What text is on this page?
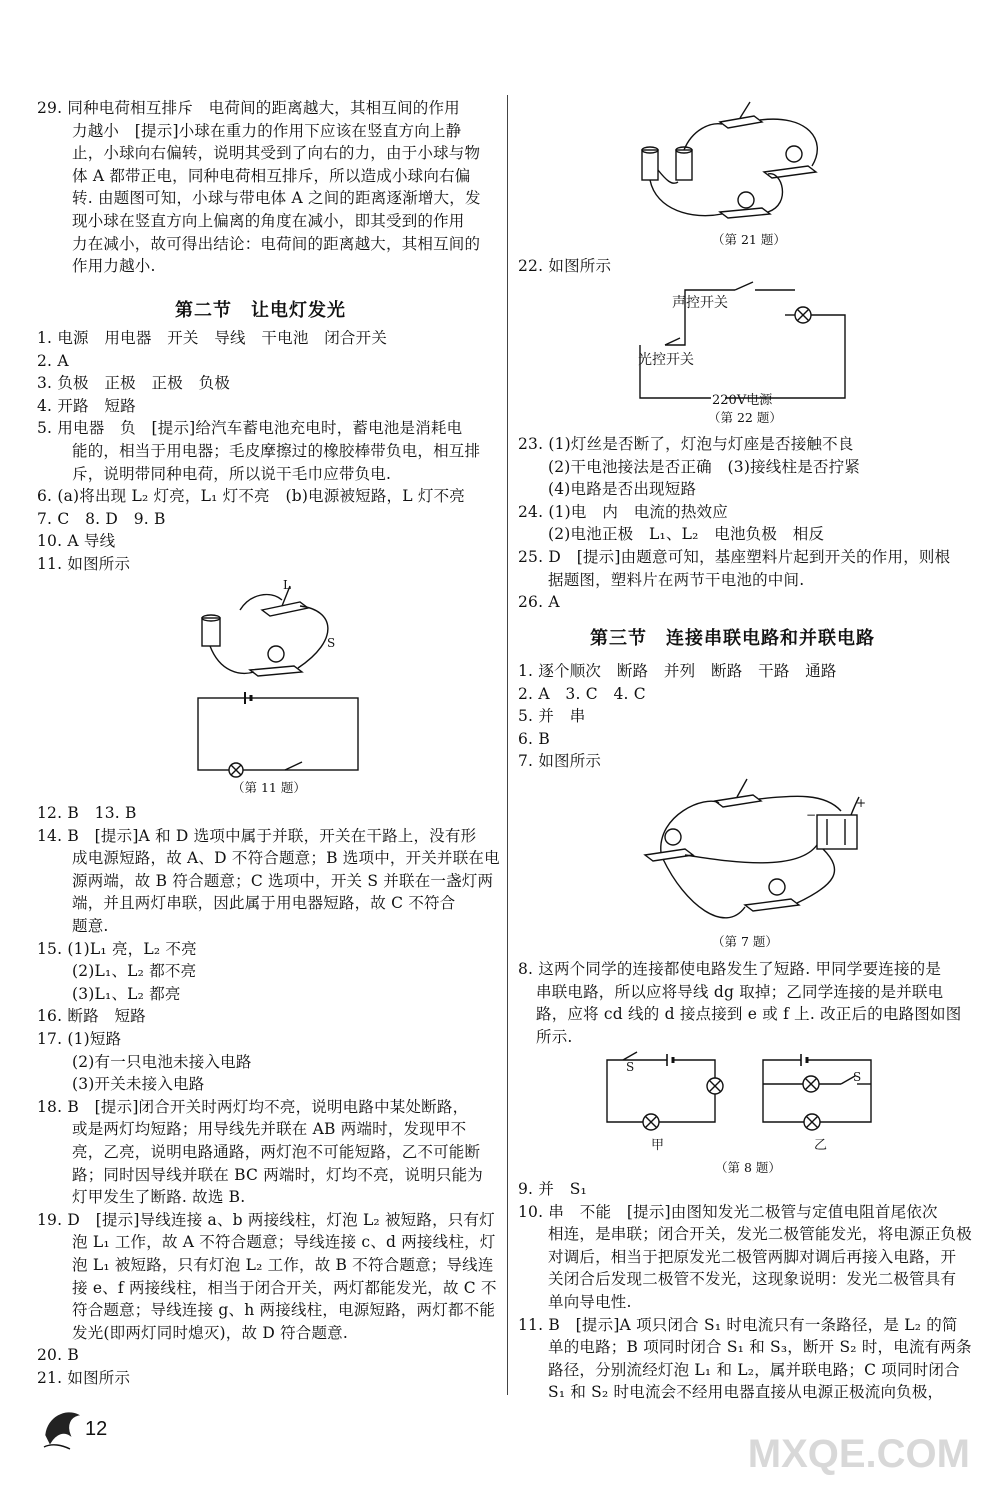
29. 同种电荷相互排斥　电荷间的距离越大，其相互间的作用
力越小　[提示]小球在重力的作用下应该在竖直方向上静
止，小球向右偏转，说明其受到了向右的力，由于小球与物
体 A 都带正电，同种电荷相互排斥，所以造成小球向右偏
转. 由题图可知，小球与带电体 A 之间的距离逐渐增大，发
现小球在竖直方向上偏离的角度在减小，即其受到的作用
力在减小，故可得出结论：电荷间的距离越大，其相互间的
作用力越小.
第二节　让电灯发光
1. 电源　用电器　开关　导线　干电池　闭合开关
2. A
3. 负极　正极　正极　负极
4. 开路　短路
5. 用电器　负　[提示]给汽车蓄电池充电时，蓄电池是消耗电
能的，相当于用电器；毛皮摩擦过的橡胶棒带负电，相互排
斥，说明带同种电荷，所以说干毛巾应带负电.
6. (a)将出现 L₂ 灯亮，L₁ 灯不亮　(b)电源被短路，L 灯不亮
7. C　8. D　9. B
10. A 导线
11. 如图所示
L
S
（第 11 题）
12. B　13. B
14. B　[提示]A 和 D 选项中属于并联，开关在干路上，没有形
成电源短路，故 A、D 不符合题意；B 选项中，开关并联在电
源两端，故 B 符合题意；C 选项中，开关 S 并联在一盏灯两
端，并且两灯串联，因此属于用电器短路，故 C 不符合
题意.
15. (1)L₁ 亮，L₂ 不亮
(2)L₁、L₂ 都不亮
(3)L₁、L₂ 都亮
16. 断路　短路
17. (1)短路
(2)有一只电池未接入电路
(3)开关未接入电路
18. B　[提示]闭合开关时两灯均不亮，说明电路中某处断路，
或是两灯均短路；用导线先并联在 AB 两端时，发现甲不
亮，乙亮，说明电路通路，两灯泡不可能短路，乙不可能断
路；同时因导线并联在 BC 两端时，灯均不亮，说明只能为
灯甲发生了断路. 故选 B.
19. D　[提示]导线连接 a、b 两接线柱，灯泡 L₂ 被短路，只有灯
泡 L₁ 工作，故 A 不符合题意；导线连接 c、d 两接线柱，灯
泡 L₁ 被短路，只有灯泡 L₂ 工作，故 B 不符合题意；导线连
接 e、f 两接线柱，相当于闭合开关，两灯都能发光，故 C 不
符合题意；导线连接 g、h 两接线柱，电源短路，两灯都不能
发光(即两灯同时熄灭)，故 D 符合题意.
20. B
21. 如图所示
12
（第 21 题）
22. 如图所示
声控开关
光控开关
220V电源
（第 22 题）
23. (1)灯丝是否断了，灯泡与灯座是否接触不良
(2)干电池接法是否正确　(3)接线柱是否拧紧
(4)电路是否出现短路
24. (1)电　内　电流的热效应
(2)电池正极　L₁、L₂　电池负极　相反
25. D　[提示]由题意可知，基座塑料片起到开关的作用，则根
据题图，塑料片在两节干电池的中间.
26. A
第三节　连接串联电路和并联电路
1. 逐个顺次　断路　并列　断路　干路　通路
2. A　3. C　4. C
5. 并　串
6. B
7. 如图所示
−
+
（第 7 题）
8. 这两个同学的连接都使电路发生了短路. 甲同学要连接的是
串联电路，所以应将导线 dg 取掉；乙同学连接的是并联电
路，应将 cd 线的 d 接点接到 e 或 f 上. 改正后的电路图如图
所示.
S
S
甲	乙
（第 8 题）
9. 并　S₁
10. 串　不能　[提示]由图知发光二极管与定值电阻首尾依次
相连，是串联；闭合开关，发光二极管能发光，将电源正负极
对调后，相当于把原发光二极管两脚对调后再接入电路，开
关闭合后发现二极管不发光，这现象说明：发光二极管具有
单向导电性.
11. B　[提示]A 项只闭合 S₁ 时电流只有一条路径，是 L₂ 的简
单的电路；B 项同时闭合 S₁ 和 S₃，断开 S₂ 时，电流有两条
路径，分别流经灯泡 L₁ 和 L₂，属并联电路；C 项同时闭合
S₁ 和 S₂ 时电流会不经用电器直接从电源正极流向负极，
MXQE.COM
